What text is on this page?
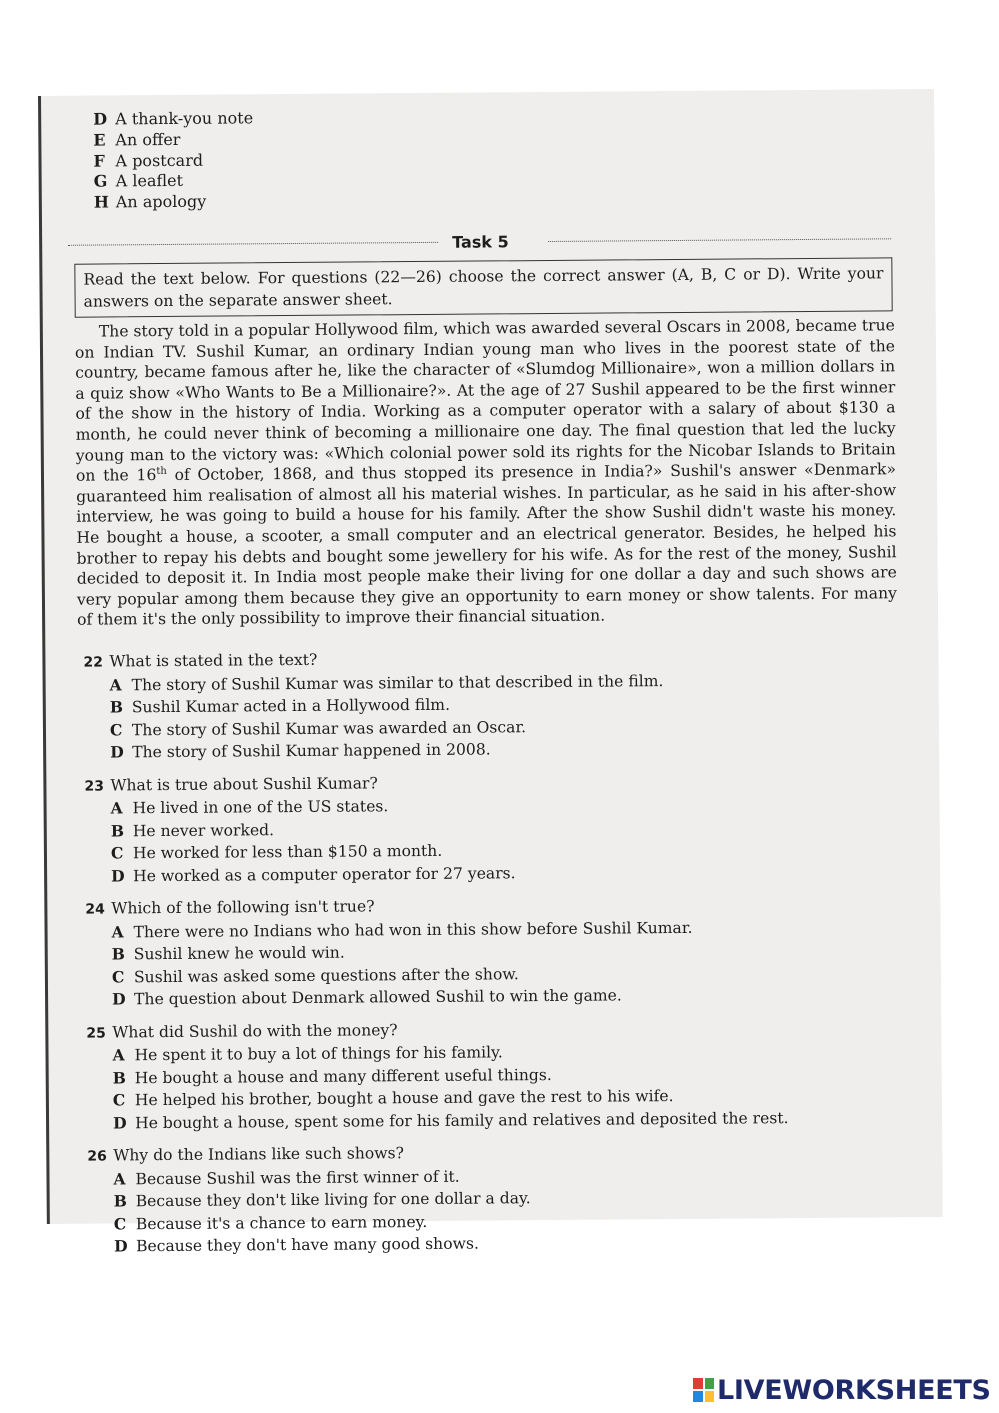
D A thank-you note
E An offer
F A postcard
G A leaflet
H An apology
Task 5
Read the text below. For questions (22—26) choose the correct answer (A, B, C or D). Write your answers on the separate answer sheet.

The story told in a popular Hollywood film, which was awarded several Oscars in 2008, became true on Indian TV. Sushil Kumar, an ordinary Indian young man who lives in the poorest state of the country, became famous after he, like the character of «Slumdog Millionaire», won a million dollars in a quiz show «Who Wants to Be a Millionaire?». At the age of 27 Sushil appeared to be the first winner of the show in the history of India. Working as a computer operator with a salary of about $130 a month, he could never think of becoming a millionaire one day. The final question that led the lucky young man to the victory was: «Which colonial power sold its rights for the Nicobar Islands to Britain on the 16th of October, 1868, and thus stopped its presence in India?» Sushil's answer «Denmark» guaranteed him realisation of almost all his material wishes. In particular, as he said in his after-show interview, he was going to build a house for his family. After the show Sushil didn't waste his money. He bought a house, a scooter, a small computer and an electrical generator. Besides, he helped his brother to repay his debts and bought some jewellery for his wife. As for the rest of the money, Sushil decided to deposit it. In India most people make their living for one dollar a day and such shows are very popular among them because they give an opportunity to earn money or show talents. For many of them it's the only possibility to improve their financial situation.

22 What is stated in the text?
A The story of Sushil Kumar was similar to that described in the film.
B Sushil Kumar acted in a Hollywood film.
C The story of Sushil Kumar was awarded an Oscar.
D The story of Sushil Kumar happened in 2008.
23 What is true about Sushil Kumar?
A He lived in one of the US states.
B He never worked.
C He worked for less than $150 a month.
D He worked as a computer operator for 27 years.
24 Which of the following isn't true?
A There were no Indians who had won in this show before Sushil Kumar.
B Sushil knew he would win.
C Sushil was asked some questions after the show.
D The question about Denmark allowed Sushil to win the game.
25 What did Sushil do with the money?
A He spent it to buy a lot of things for his family.
B He bought a house and many different useful things.
C He helped his brother, bought a house and gave the rest to his wife.
D He bought a house, spent some for his family and relatives and deposited the rest.
26 Why do the Indians like such shows?
A Because Sushil was the first winner of it.
B Because they don't like living for one dollar a day.
C Because it's a chance to earn money.
D Because they don't have many good shows.
LIVEWORKSHEETS
